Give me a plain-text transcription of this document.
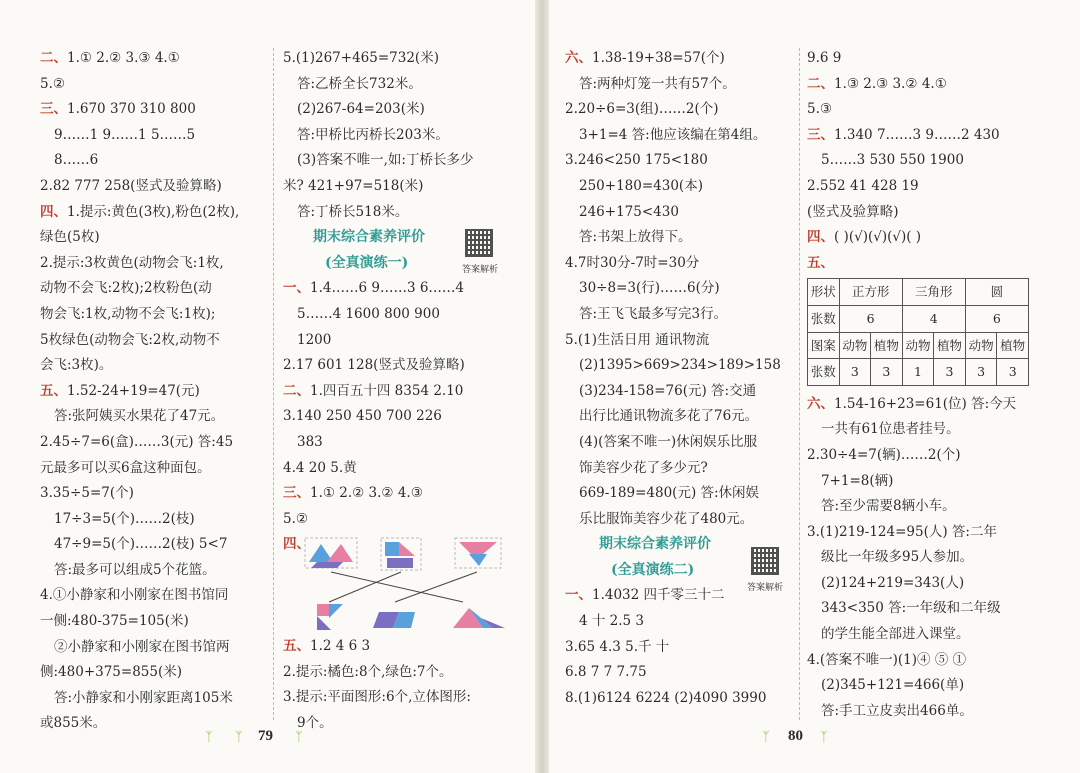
二、1.① 2.② 3.③ 4.①
5.②
三、1.670 370 310 800
9……1 9……1 5……5
8……6
2.82 777 258(竖式及验算略)
四、1.提示:黄色(3枚),粉色(2枚),
绿色(5枚)
2.提示:3枚黄色(动物会飞:1枚,
动物不会飞:2枚);2枚粉色(动
物会飞:1枚,动物不会飞:1枚);
5枚绿色(动物会飞:2枚,动物不
会飞:3枚)。
五、1.52-24+19=47(元)
答:张阿姨买水果花了47元。
2.45÷7=6(盒)……3(元) 答:45
元最多可以买6盒这种面包。
3.35÷5=7(个)
17÷3=5(个)……2(枝)
47÷9=5(个)……2(枝) 5<7
答:最多可以组成5个花篮。
4.①小静家和小刚家在图书馆同
一侧:480-375=105(米)
②小静家和小刚家在图书馆两
侧:480+375=855(米)
答:小静家和小刚家距离105米
或855米。
5.(1)267+465=732(米)
答:乙桥全长732米。
(2)267-64=203(米)
答:甲桥比丙桥长203米。
(3)答案不唯一,如:丁桥长多少
米? 421+97=518(米)
答:丁桥长518米。
期末综合素养评价
(全真演练一)
一、1.4……6 9……3 6……4
5……4 1600 800 900
1200
2.17 601 128(竖式及验算略)
二、1.四百五十四 8354 2.10
3.140 250 450 700 226
383
4.4 20 5.黄
三、1.① 2.② 3.② 4.③
5.②
四、
五、1.2 4 6 3
2.提示:橘色:8个,绿色:7个。
3.提示:平面图形:6个,立体图形:
9个。
答案解析
六、1.38-19+38=57(个)
答:两种灯笼一共有57个。
2.20÷6=3(组)……2(个)
3+1=4 答:他应该编在第4组。
3.246<250 175<180
250+180=430(本)
246+175<430
答:书架上放得下。
4.7时30分-7时=30分
30÷8=3(行)……6(分)
答:王飞飞最多写完3行。
5.(1)生活日用 通讯物流
(2)1395>669>234>189>158
(3)234-158=76(元) 答:交通
出行比通讯物流多花了76元。
(4)(答案不唯一)休闲娱乐比服
饰美容少花了多少元?
669-189=480(元) 答:休闲娱
乐比服饰美容少花了480元。
期末综合素养评价
(全真演练二)
一、1.4032 四千零三十二
4 十 2.5 3
3.65 4.3 5.千 十
6.8 7 7 7.75
8.(1)6124 6224 (2)4090 3990
答案解析
9.6 9
二、1.③ 2.③ 3.② 4.①
5.③
三、1.340 7……3 9……2 430
5……3 530 550 1900
2.552 41 428 19
(竖式及验算略)
四、( )(√)(√)(√)( )
五、
形状	正方形		三角形		圆	
张数	6		4		6	
图案	动物	植物	动物	植物	动物	植物
张数	3	3	1	3	3	3
六、1.54-16+23=61(位) 答:今天
一共有61位患者挂号。
2.30÷4=7(辆)……2(个)
7+1=8(辆)
答:至少需要8辆小车。
3.(1)219-124=95(人) 答:二年
级比一年级多95人参加。
(2)124+219=343(人)
343<350 答:一年级和二年级
的学生能全部进入课堂。
4.(答案不唯一)(1)④ ⑤ ①
(2)345+121=466(单)
答:手工立皮卖出466单。
ᛉ ᛉ 79 ᛉ	ᛉ 80 ᛉ
